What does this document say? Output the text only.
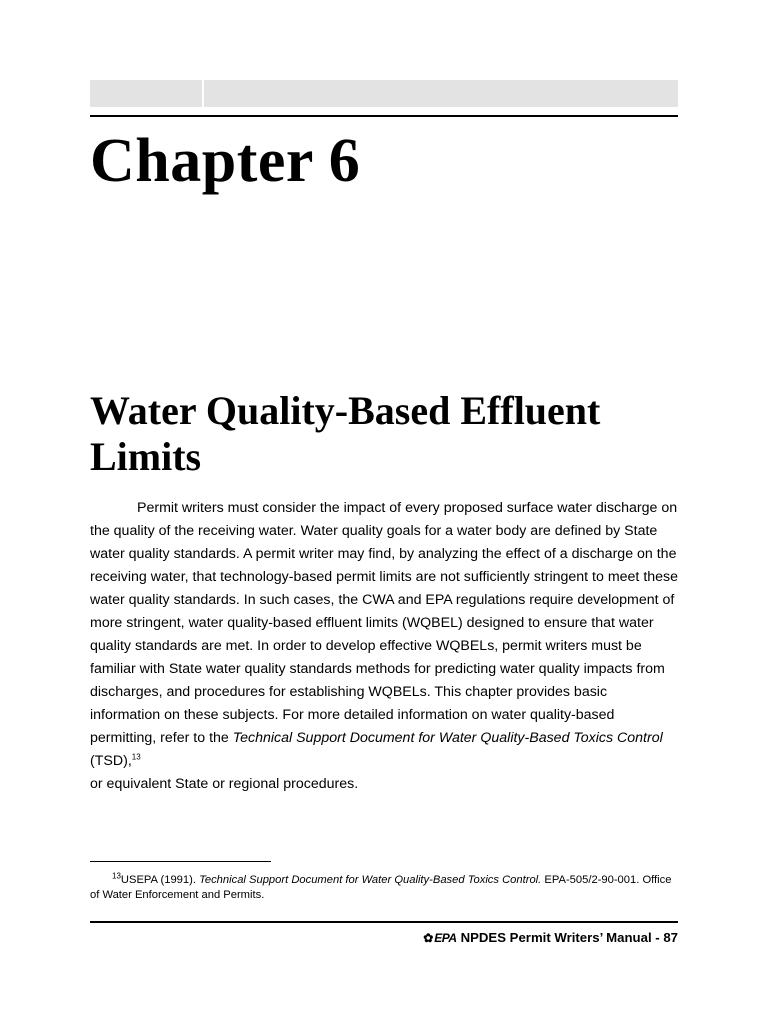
Chapter 6
Water Quality-Based Effluent Limits

Permit writers must consider the impact of every proposed surface water discharge on the quality of the receiving water. Water quality goals for a water body are defined by State water quality standards. A permit writer may find, by analyzing the effect of a discharge on the receiving water, that technology-based permit limits are not sufficiently stringent to meet these water quality standards. In such cases, the CWA and EPA regulations require development of more stringent, water quality-based effluent limits (WQBEL) designed to ensure that water quality standards are met. In order to develop effective WQBELs, permit writers must be familiar with State water quality standards methods for predicting water quality impacts from discharges, and procedures for establishing WQBELs. This chapter provides basic information on these subjects. For more detailed information on water quality-based permitting, refer to the Technical Support Document for Water Quality-Based Toxics Control (TSD),$^{13}$
or equivalent State or regional procedures.

$^{13}$USEPA (1991). Technical Support Document for Water Quality-Based Toxics Control. EPA-505/2-90-001. Office of Water Enforcement and Permits.

✿ EPA NPDES Permit Writers’ Manual - 87
